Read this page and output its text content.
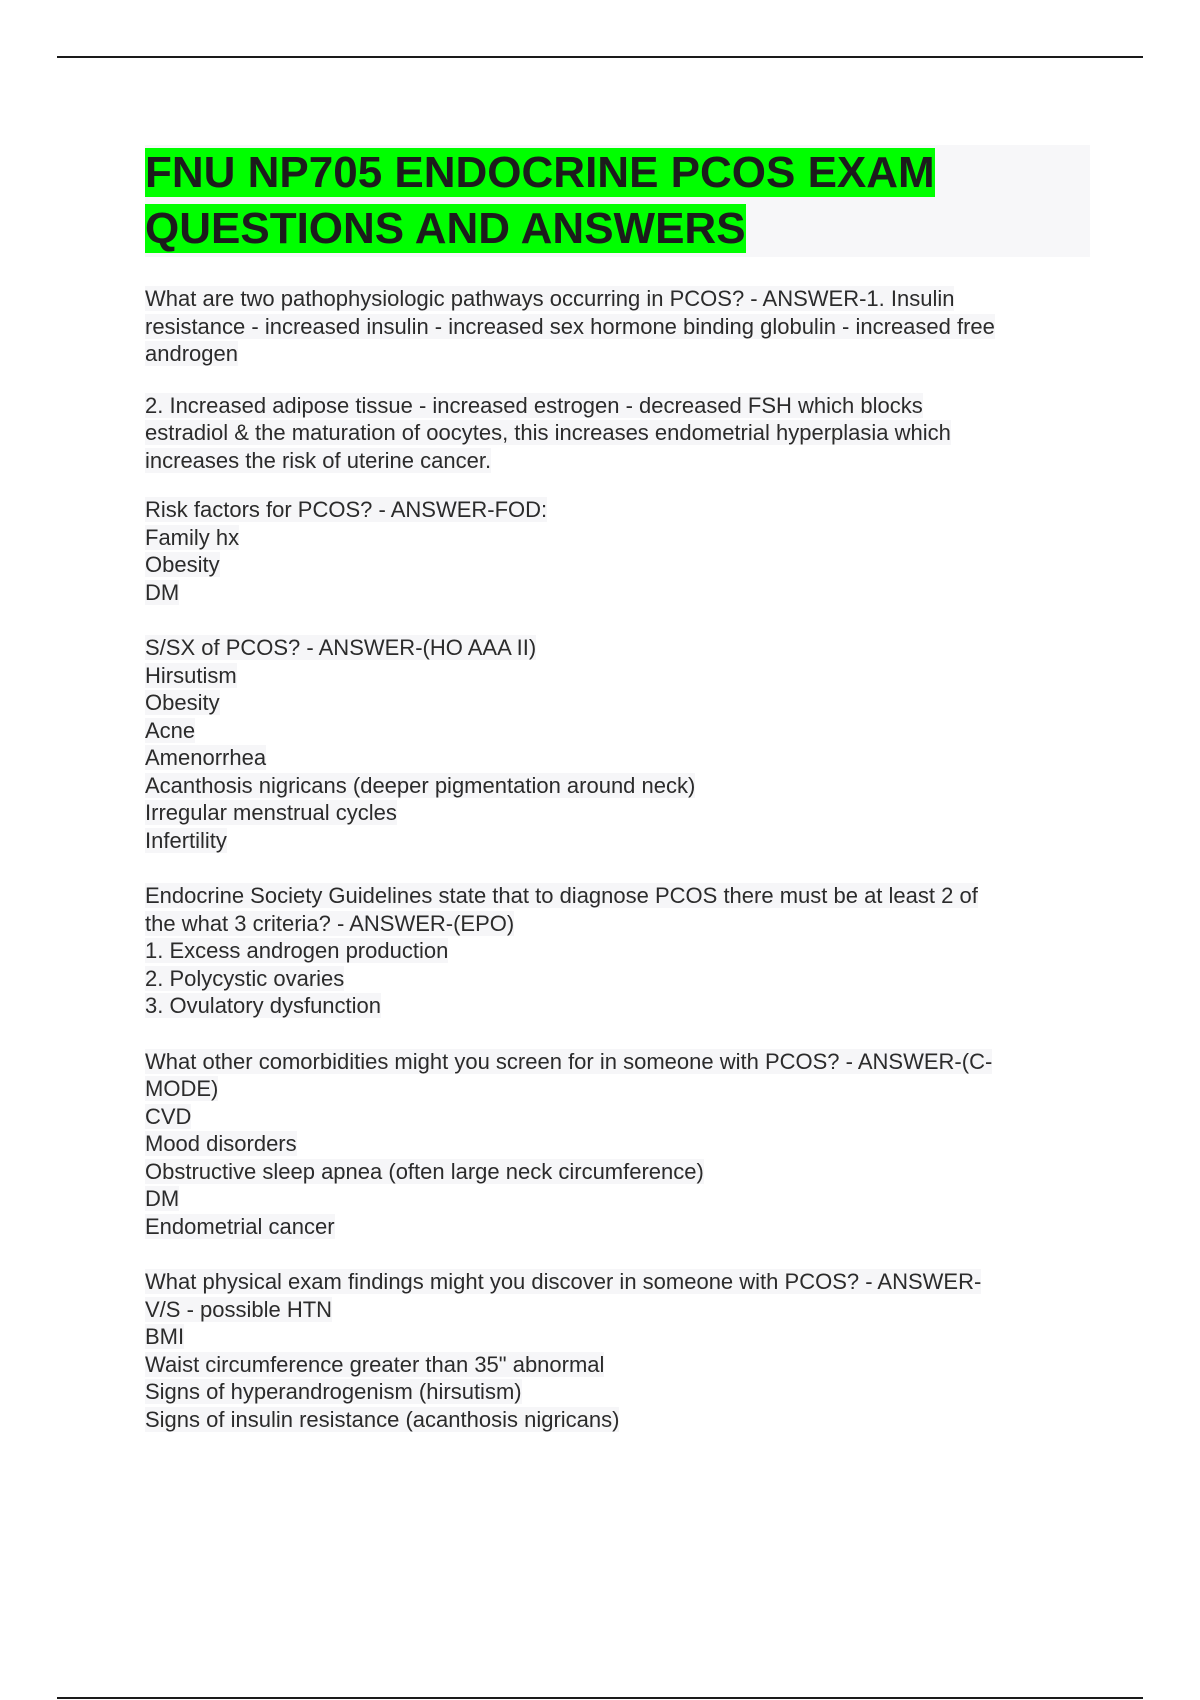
FNU NP705 ENDOCRINE PCOS EXAM
QUESTIONS AND ANSWERS
What are two pathophysiologic pathways occurring in PCOS? - ANSWER-1. Insulin
resistance - increased insulin - increased sex hormone binding globulin - increased free
androgen
2. Increased adipose tissue - increased estrogen - decreased FSH which blocks
estradiol & the maturation of oocytes, this increases endometrial hyperplasia which
increases the risk of uterine cancer.
Risk factors for PCOS? - ANSWER-FOD:
Family hx
Obesity
DM
S/SX of PCOS? - ANSWER-(HO AAA II)
Hirsutism
Obesity
Acne
Amenorrhea
Acanthosis nigricans (deeper pigmentation around neck)
Irregular menstrual cycles
Infertility
Endocrine Society Guidelines state that to diagnose PCOS there must be at least 2 of
the what 3 criteria? - ANSWER-(EPO)
1. Excess androgen production
2. Polycystic ovaries
3. Ovulatory dysfunction
What other comorbidities might you screen for in someone with PCOS? - ANSWER-(C-
MODE)
CVD
Mood disorders
Obstructive sleep apnea (often large neck circumference)
DM
Endometrial cancer
What physical exam findings might you discover in someone with PCOS? - ANSWER-
V/S - possible HTN
BMI
Waist circumference greater than 35" abnormal
Signs of hyperandrogenism (hirsutism)
Signs of insulin resistance (acanthosis nigricans)
